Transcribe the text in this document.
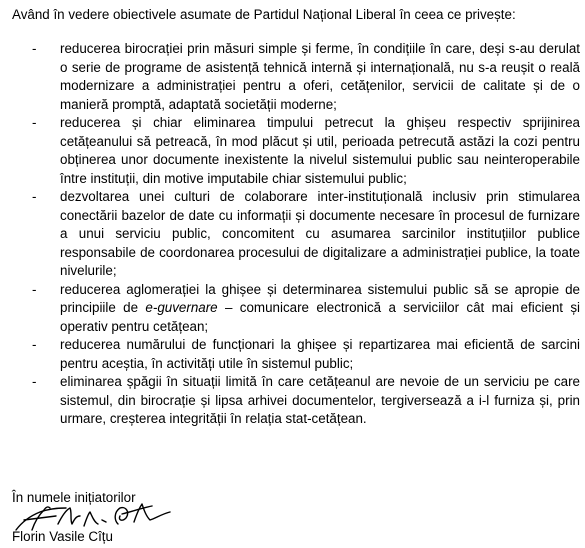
Având în vedere obiectivele asumate de Partidul Național Liberal în ceea ce privește:

- reducerea birocrației prin măsuri simple și ferme, în condițiile în care, deși s-au derulat o serie de programe de asistență tehnică internă și internațională, nu s-a reușit o reală modernizare a administrației pentru a oferi, cetățenilor, servicii de calitate și de o manieră promptă, adaptată societății moderne;
- reducerea și chiar eliminarea timpului petrecut la ghișeu respectiv sprijinirea cetățeanului să petreacă, în mod plăcut și util, perioada petrecută astăzi la cozi pentru obținerea unor documente inexistente la nivelul sistemului public sau neinteroperabile între instituții, din motive imputabile chiar sistemului public;
- dezvoltarea unei culturi de colaborare inter-instituțională inclusiv prin stimularea conectării bazelor de date cu informații și documente necesare în procesul de furnizare a unui serviciu public, concomitent cu asumarea sarcinilor instituțiilor publice responsabile de coordonarea procesului de digitalizare a administrației publice, la toate nivelurile;
- reducerea aglomerației la ghișee și determinarea sistemului public să se apropie de principiile de e-guvernare – comunicare electronică a serviciilor cât mai eficient și operativ pentru cetățean;
- reducerea numărului de funcționari la ghișee și repartizarea mai eficientă de sarcini pentru aceștia, în activități utile în sistemul public;
- eliminarea șpăgii în situații limită în care cetățeanul are nevoie de un serviciu pe care sistemul, din birocrație și lipsa arhivei documentelor, tergiversează a i-l furniza și, prin urmare, creșterea integrității în relația stat-cetățean.

În numele inițiatorilor

Florin Vasile Cîțu
